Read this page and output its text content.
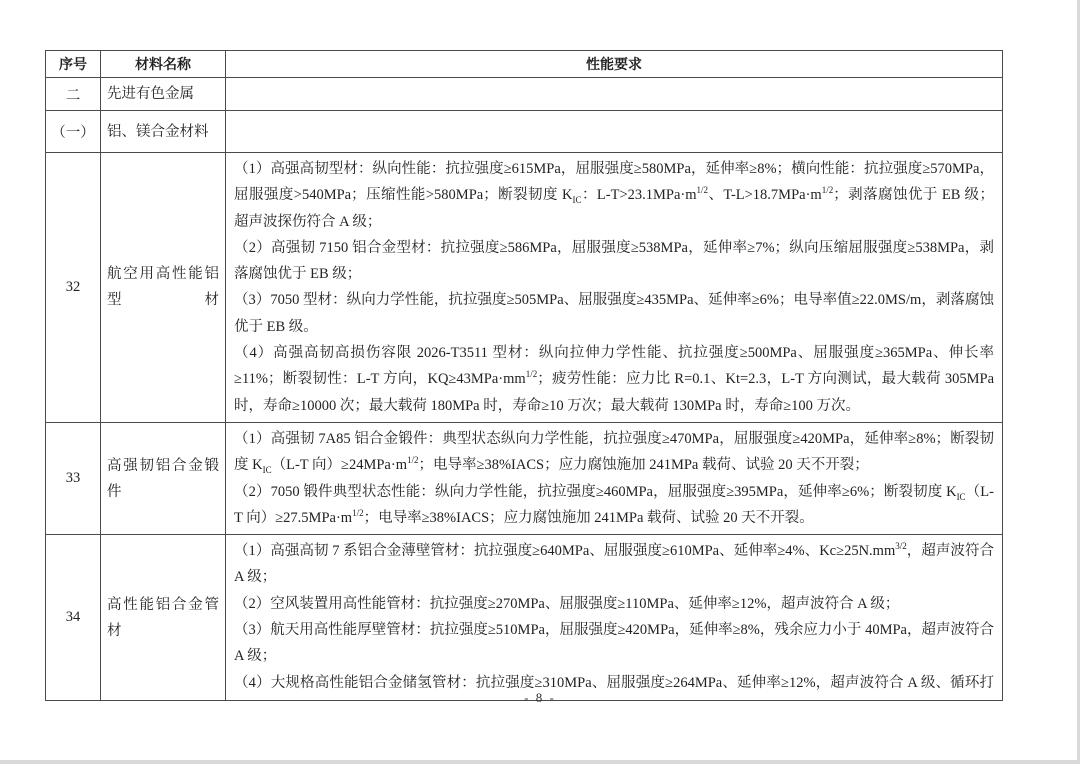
序号	材料名称	性能要求
二	先进有色金属	
（一）	铝、镁合金材料	
32	航空用高性能铝型材	（1）高强高韧型材：纵向性能：抗拉强度≥615MPa，屈服强度≥580MPa，延伸率≥8%；横向性能：抗拉强度≥570MPa，屈服强度>540MPa；压缩性能>580MPa；断裂韧度 $K_{IC}$：$L-T>23.1MPa\cdot m^{1/2}$、$T-L>18.7MPa\cdot m^{1/2}$；剥落腐蚀优于 EB 级；超声波探伤符合 A 级；

（2）高强韧 7150 铝合金型材：抗拉强度≥586MPa，屈服强度≥538MPa，延伸率≥7%；纵向压缩屈服强度≥538MPa，剥落腐蚀优于 EB 级；

（3）7050 型材：纵向力学性能，抗拉强度≥505MPa、屈服强度≥435MPa、延伸率≥6%；电导率值≥22.0MS/m，剥落腐蚀优于 EB 级。

（4）高强高韧高损伤容限 2026-T3511 型材：纵向拉伸力学性能、抗拉强度≥500MPa、屈服强度≥365MPa、伸长率≥11%；断裂韧性：L-T 方向，$KQ\ge 43MPa\cdot mm^{1/2}$；疲劳性能：应力比 R=0.1、Kt=2.3，L-T 方向测试，最大载荷 305MPa 时，寿命≥10000 次；最大载荷 180MPa 时，寿命≥10 万次；最大载荷 130MPa 时，寿命≥100 万次。

33	高强韧铝合金锻件	（1）高强韧 7A85 铝合金锻件：典型状态纵向力学性能，抗拉强度≥470MPa，屈服强度≥420MPa，延伸率≥8%；断裂韧度 $K_{IC}(L-T$ 向）$\ge 24MPa\cdot m^{1/2}$；电导率≥38%IACS；应力腐蚀施加 241MPa 载荷、试验 20 天不开裂；

（2）7050 锻件典型状态性能：纵向力学性能，抗拉强度≥460MPa，屈服强度≥395MPa，延伸率≥6%；断裂韧度 $K_{IC}(L-T$ 向）$\ge 27.5MPa\cdot m^{1/2}$；电导率≥38%IACS；应力腐蚀施加 241MPa 载荷、试验 20 天不开裂。

34	高性能铝合金管材	（1）高强高韧 7 系铝合金薄壁管材：抗拉强度≥640MPa、屈服强度≥610MPa、延伸率≥4%、$Kc\ge 25N.mm^{3/2}$，超声波符合 A 级；

（2）空风装置用高性能管材：抗拉强度≥270MPa、屈服强度≥110MPa、延伸率≥12%，超声波符合 A 级；

（3）航天用高性能厚壁管材：抗拉强度≥510MPa，屈服强度≥420MPa，延伸率≥8%，残余应力小于 40MPa，超声波符合 A 级；

（4）大规格高性能铝合金储氢管材：抗拉强度≥310MPa、屈服强度≥264MPa、延伸率≥12%，超声波符合 A 级、循环打

- 8 -
